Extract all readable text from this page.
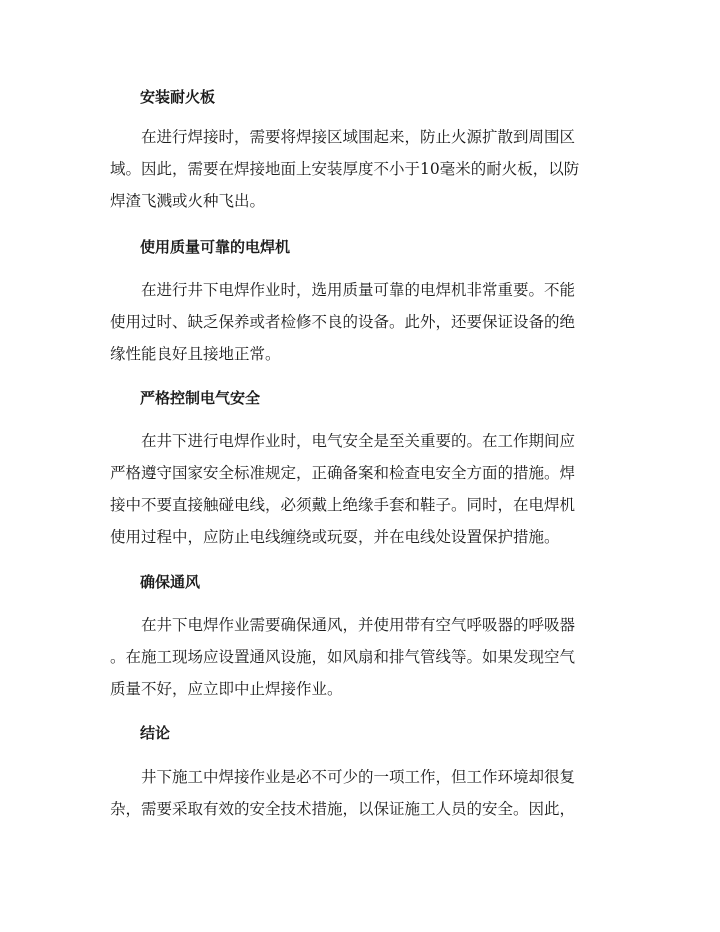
安装耐火板
在进行焊接时，需要将焊接区域围起来，防止火源扩散到周围区
域。因此，需要在焊接地面上安装厚度不小于10毫米的耐火板，以防
焊渣飞溅或火种飞出。
使用质量可靠的电焊机
在进行井下电焊作业时，选用质量可靠的电焊机非常重要。不能
使用过时、缺乏保养或者检修不良的设备。此外，还要保证设备的绝
缘性能良好且接地正常。
严格控制电气安全
在井下进行电焊作业时，电气安全是至关重要的。在工作期间应
严格遵守国家安全标准规定，正确备案和检查电安全方面的措施。焊
接中不要直接触碰电线，必须戴上绝缘手套和鞋子。同时，在电焊机
使用过程中，应防止电线缠绕或玩耍，并在电线处设置保护措施。
确保通风
在井下电焊作业需要确保通风，并使用带有空气呼吸器的呼吸器
。在施工现场应设置通风设施，如风扇和排气管线等。如果发现空气
质量不好，应立即中止焊接作业。
结论
井下施工中焊接作业是必不可少的一项工作，但工作环境却很复
杂，需要采取有效的安全技术措施，以保证施工人员的安全。因此，
